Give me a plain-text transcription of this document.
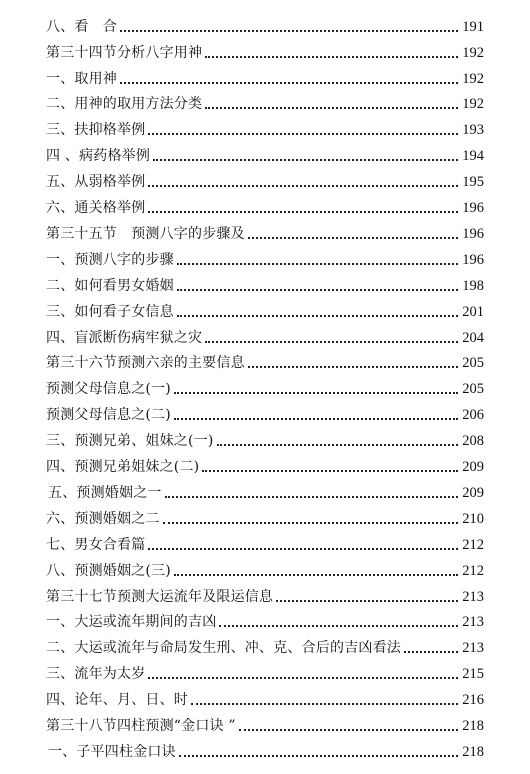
八、看　合	191
第三十四节分析八字用神	192
一、取用神	192
二、用神的取用方法分类	192
三、扶抑格举例	193
四 、病药格举例	194
五、从弱格举例	195
六、通关格举例	196
第三十五节　预测八字的步骤及	196
一、预测八字的步骤	196
二、如何看男女婚姻	198
三、如何看子女信息	201
四、盲派断伤病牢狱之灾	204
第三十六节预测六亲的主要信息	205
预测父母信息之(一)	205
预测父母信息之(二)	206
三、预测兄弟、姐妹之(一)	208
四、预测兄弟姐妹之(二)	209
五、预测婚姻之一	209
六、预测婚姻之二	210
七、男女合看篇	212
八、预测婚姻之(三)	212
第三十七节预测大运流年及限运信息	213
一、大运或流年期间的吉凶	213
二、大运或流年与命局发生刑、冲、克、合后的吉凶看法	213
三、流年为太岁	215
四、论年、月、日、时	216
第三十八节四柱预测“金口诀 ”	218
一、子平四柱金口诀	218
